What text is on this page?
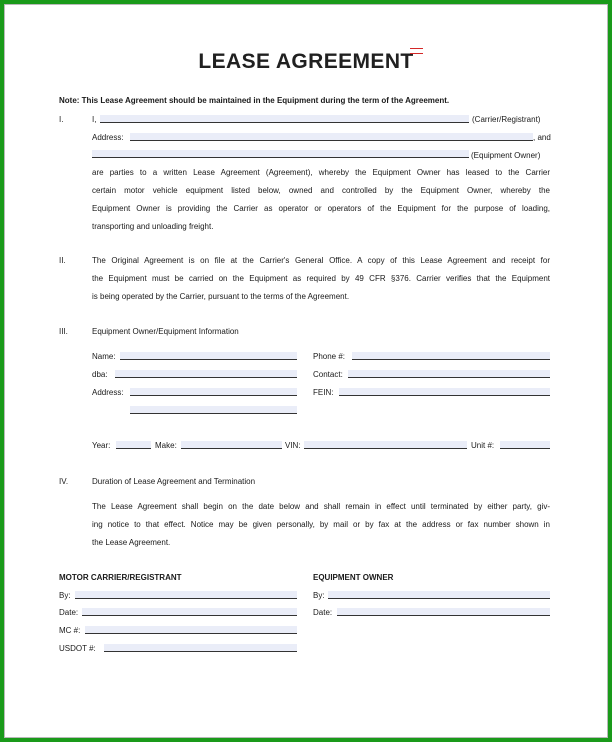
LEASE AGREEMENT
Note: This Lease Agreement should be maintained in the Equipment during the term of the Agreement.
I.	I,	(Carrier/Registrant)
Address:	, and
(Equipment Owner)
are parties to a written Lease Agreement (Agreement), whereby the Equipment Owner has leased to the Carrier
certain motor vehicle equipment listed below, owned and controlled by the Equipment Owner, whereby the
Equipment Owner is providing the Carrier as operator or operators of the Equipment for the purpose of loading,
transporting and unloading freight.
II.	The Original Agreement is on file at the Carrier's General Office. A copy of this Lease Agreement and receipt for
the Equipment must be carried on the Equipment as required by 49 CFR §376. Carrier verifies that the Equipment
is being operated by the Carrier, pursuant to the terms of the Agreement.
III.	Equipment Owner/Equipment Information
Name:	Phone #:
dba:	Contact:
Address:	FEIN:
Year:	Make:	VIN:	Unit #:
IV.	Duration of Lease Agreement and Termination
The Lease Agreement shall begin on the date below and shall remain in effect until terminated by either party, giv-
ing notice to that effect. Notice may be given personally, by mail or by fax at the address or fax number shown in
the Lease Agreement.
MOTOR CARRIER/REGISTRANT	EQUIPMENT OWNER
By:	By:
Date:	Date:
MC #:
USDOT #:
